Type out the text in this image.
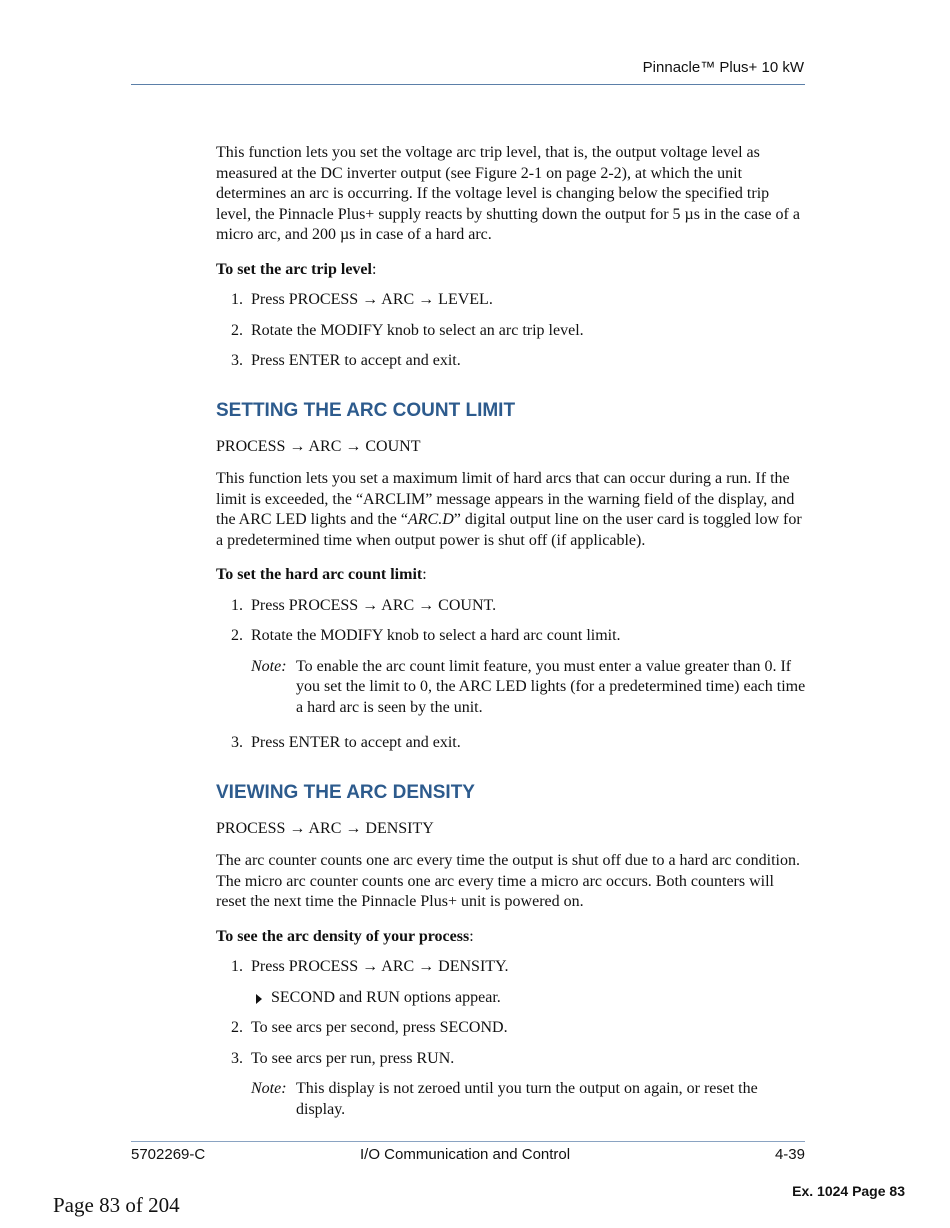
Pinnacle™ Plus+ 10 kW

This function lets you set the voltage arc trip level, that is, the output voltage level as measured at the DC inverter output (see Figure 2-1 on page 2-2), at which the unit determines an arc is occurring. If the voltage level is changing below the specified trip level, the Pinnacle Plus+ supply reacts by shutting down the output for 5 µs in the case of a micro arc, and 200 µs in case of a hard arc.

To set the arc trip level:

1. Press PROCESS → ARC → LEVEL.
2. Rotate the MODIFY knob to select an arc trip level.
3. Press ENTER to accept and exit.
SETTING THE ARC COUNT LIMIT

PROCESS → ARC → COUNT

This function lets you set a maximum limit of hard arcs that can occur during a run. If the limit is exceeded, the “ARCLIM” message appears in the warning field of the display, and the ARC LED lights and the “ARC.D” digital output line on the user card is toggled low for a predetermined time when output power is shut off (if applicable).

To set the hard arc count limit:

1. Press PROCESS → ARC → COUNT.
2. Rotate the MODIFY knob to select a hard arc count limit.
Note: To enable the arc count limit feature, you must enter a value greater than 0. If you set the limit to 0, the ARC LED lights (for a predetermined time) each time a hard arc is seen by the unit.
3. Press ENTER to accept and exit.
VIEWING THE ARC DENSITY

PROCESS → ARC → DENSITY

The arc counter counts one arc every time the output is shut off due to a hard arc condition. The micro arc counter counts one arc every time a micro arc occurs. Both counters will reset the next time the Pinnacle Plus+ unit is powered on.

To see the arc density of your process:

1. Press PROCESS → ARC → DENSITY.
SECOND and RUN options appear.
2. To see arcs per second, press SECOND.
3. To see arcs per run, press RUN.
Note: This display is not zeroed until you turn the output on again, or reset the display.
5702269-C	I/O Communication and Control	4-39
Ex. 1024 Page 83
Page 83 of 204
